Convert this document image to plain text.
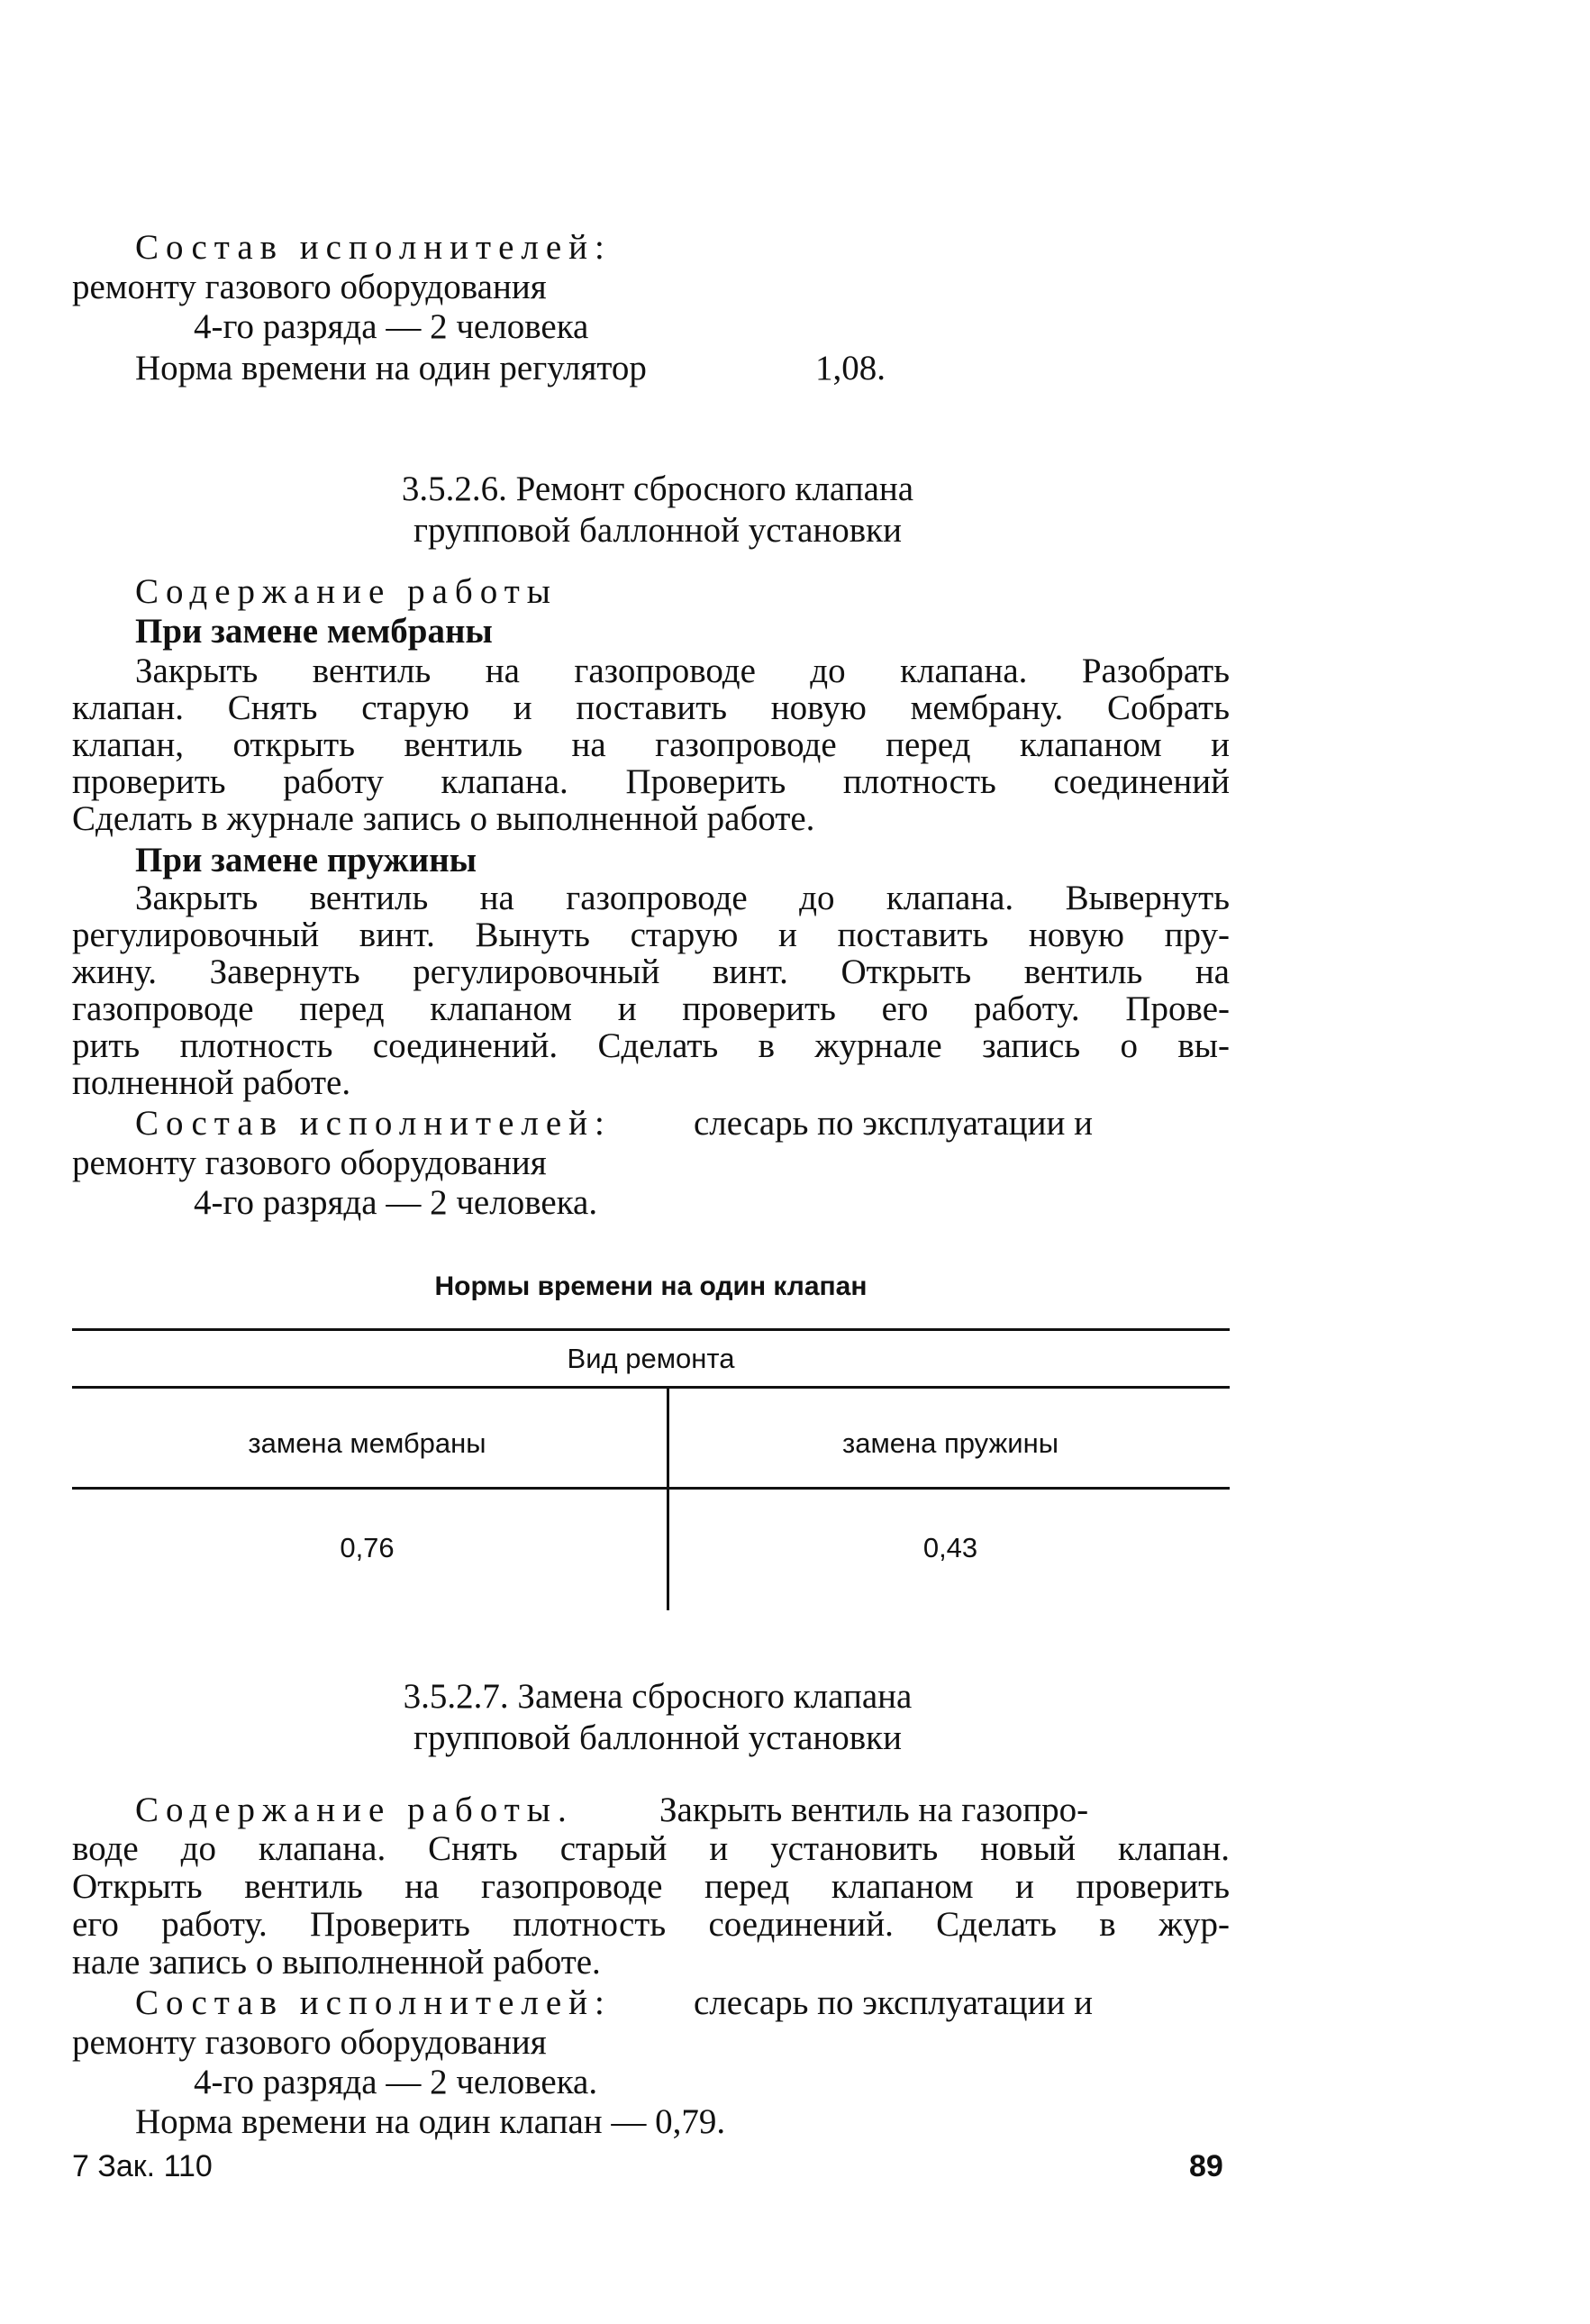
Состав исполнителей:
ремонту газового оборудования
4-го разряда — 2 человека
Норма времени на один регулятор	1,08.
3.5.2.6. Ремонт сбросного клапана
групповой баллонной установки
Содержание работы
При замене мембраны
Закрыть вентиль на газопроводе до клапана. Разобрать
клапан. Снять старую и поставить новую мембрану. Собрать
клапан, открыть вентиль на газопроводе перед клапаном и
проверить работу клапана. Проверить плотность соединений
Сделать в журнале запись о выполненной работе.
При замене пружины
Закрыть вентиль на газопроводе до клапана. Вывернуть
регулировочный винт. Вынуть старую и поставить новую пру-
жину. Завернуть регулировочный винт. Открыть вентиль на
газопроводе перед клапаном и проверить его работу. Прове-
рить плотность соединений. Сделать в журнале запись о вы-
полненной работе.
Состав исполнителей: слесарь по эксплуатации и
ремонту газового оборудования
4-го разряда — 2 человека.
Нормы времени на один клапан
Вид ремонта
замена мембраны	замена пружины
0,76	0,43
3.5.2.7. Замена сбросного клапана
групповой баллонной установки
Содержание работы. Закрыть вентиль на газопро-
воде до клапана. Снять старый и установить новый клапан.
Открыть вентиль на газопроводе перед клапаном и проверить
его работу. Проверить плотность соединений. Сделать в жур-
нале запись о выполненной работе.
Состав исполнителей: слесарь по эксплуатации и
ремонту газового оборудования
4-го разряда — 2 человека.
Норма времени на один клапан — 0,79.
7 Зак. 110	89
